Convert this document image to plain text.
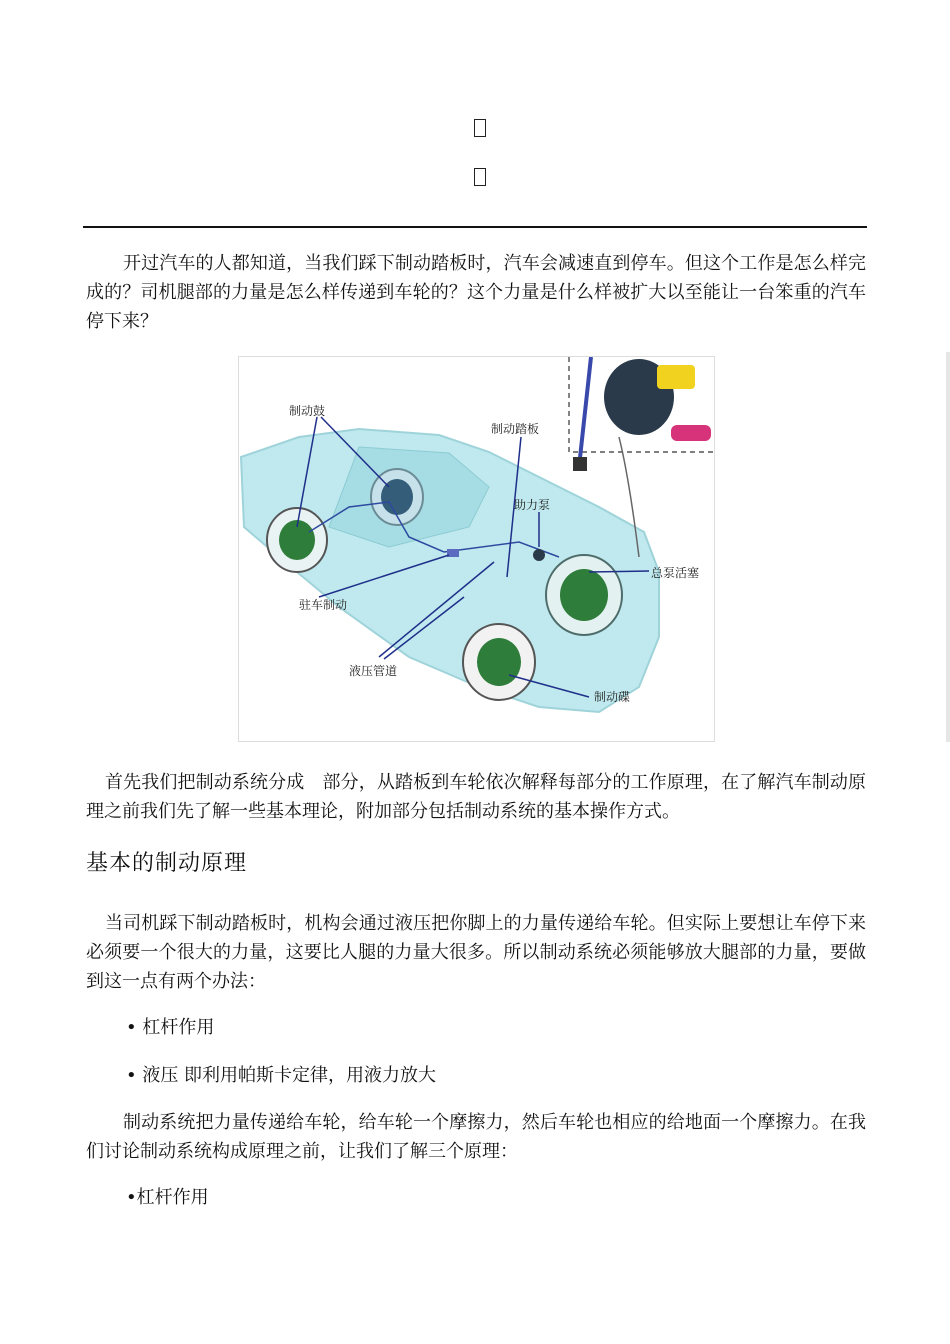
开过汽车的人都知道，当我们踩下制动踏板时，汽车会减速直到停车。但这个工作是怎么样完成的？司机腿部的力量是怎么样传递到车轮的？这个力量是什么样被扩大以至能让一台笨重的汽车停下来？

制动鼓
制动踏板
助力泵
总泵活塞
驻车制动
液压管道
制动碟

首先我们把制动系统分成　部分，从踏板到车轮依次解释每部分的工作原理，在了解汽车制动原理之前我们先了解一些基本理论，附加部分包括制动系统的基本操作方式。

基本的制动原理

当司机踩下制动踏板时，机构会通过液压把你脚上的力量传递给车轮。但实际上要想让车停下来必须要一个很大的力量，这要比人腿的力量大很多。所以制动系统必须能够放大腿部的力量，要做到这一点有两个办法：

• 杠杆作用

• 液压 即利用帕斯卡定律，用液力放大

制动系统把力量传递给车轮，给车轮一个摩擦力，然后车轮也相应的给地面一个摩擦力。在我们讨论制动系统构成原理之前，让我们了解三个原理：

•杠杆作用
